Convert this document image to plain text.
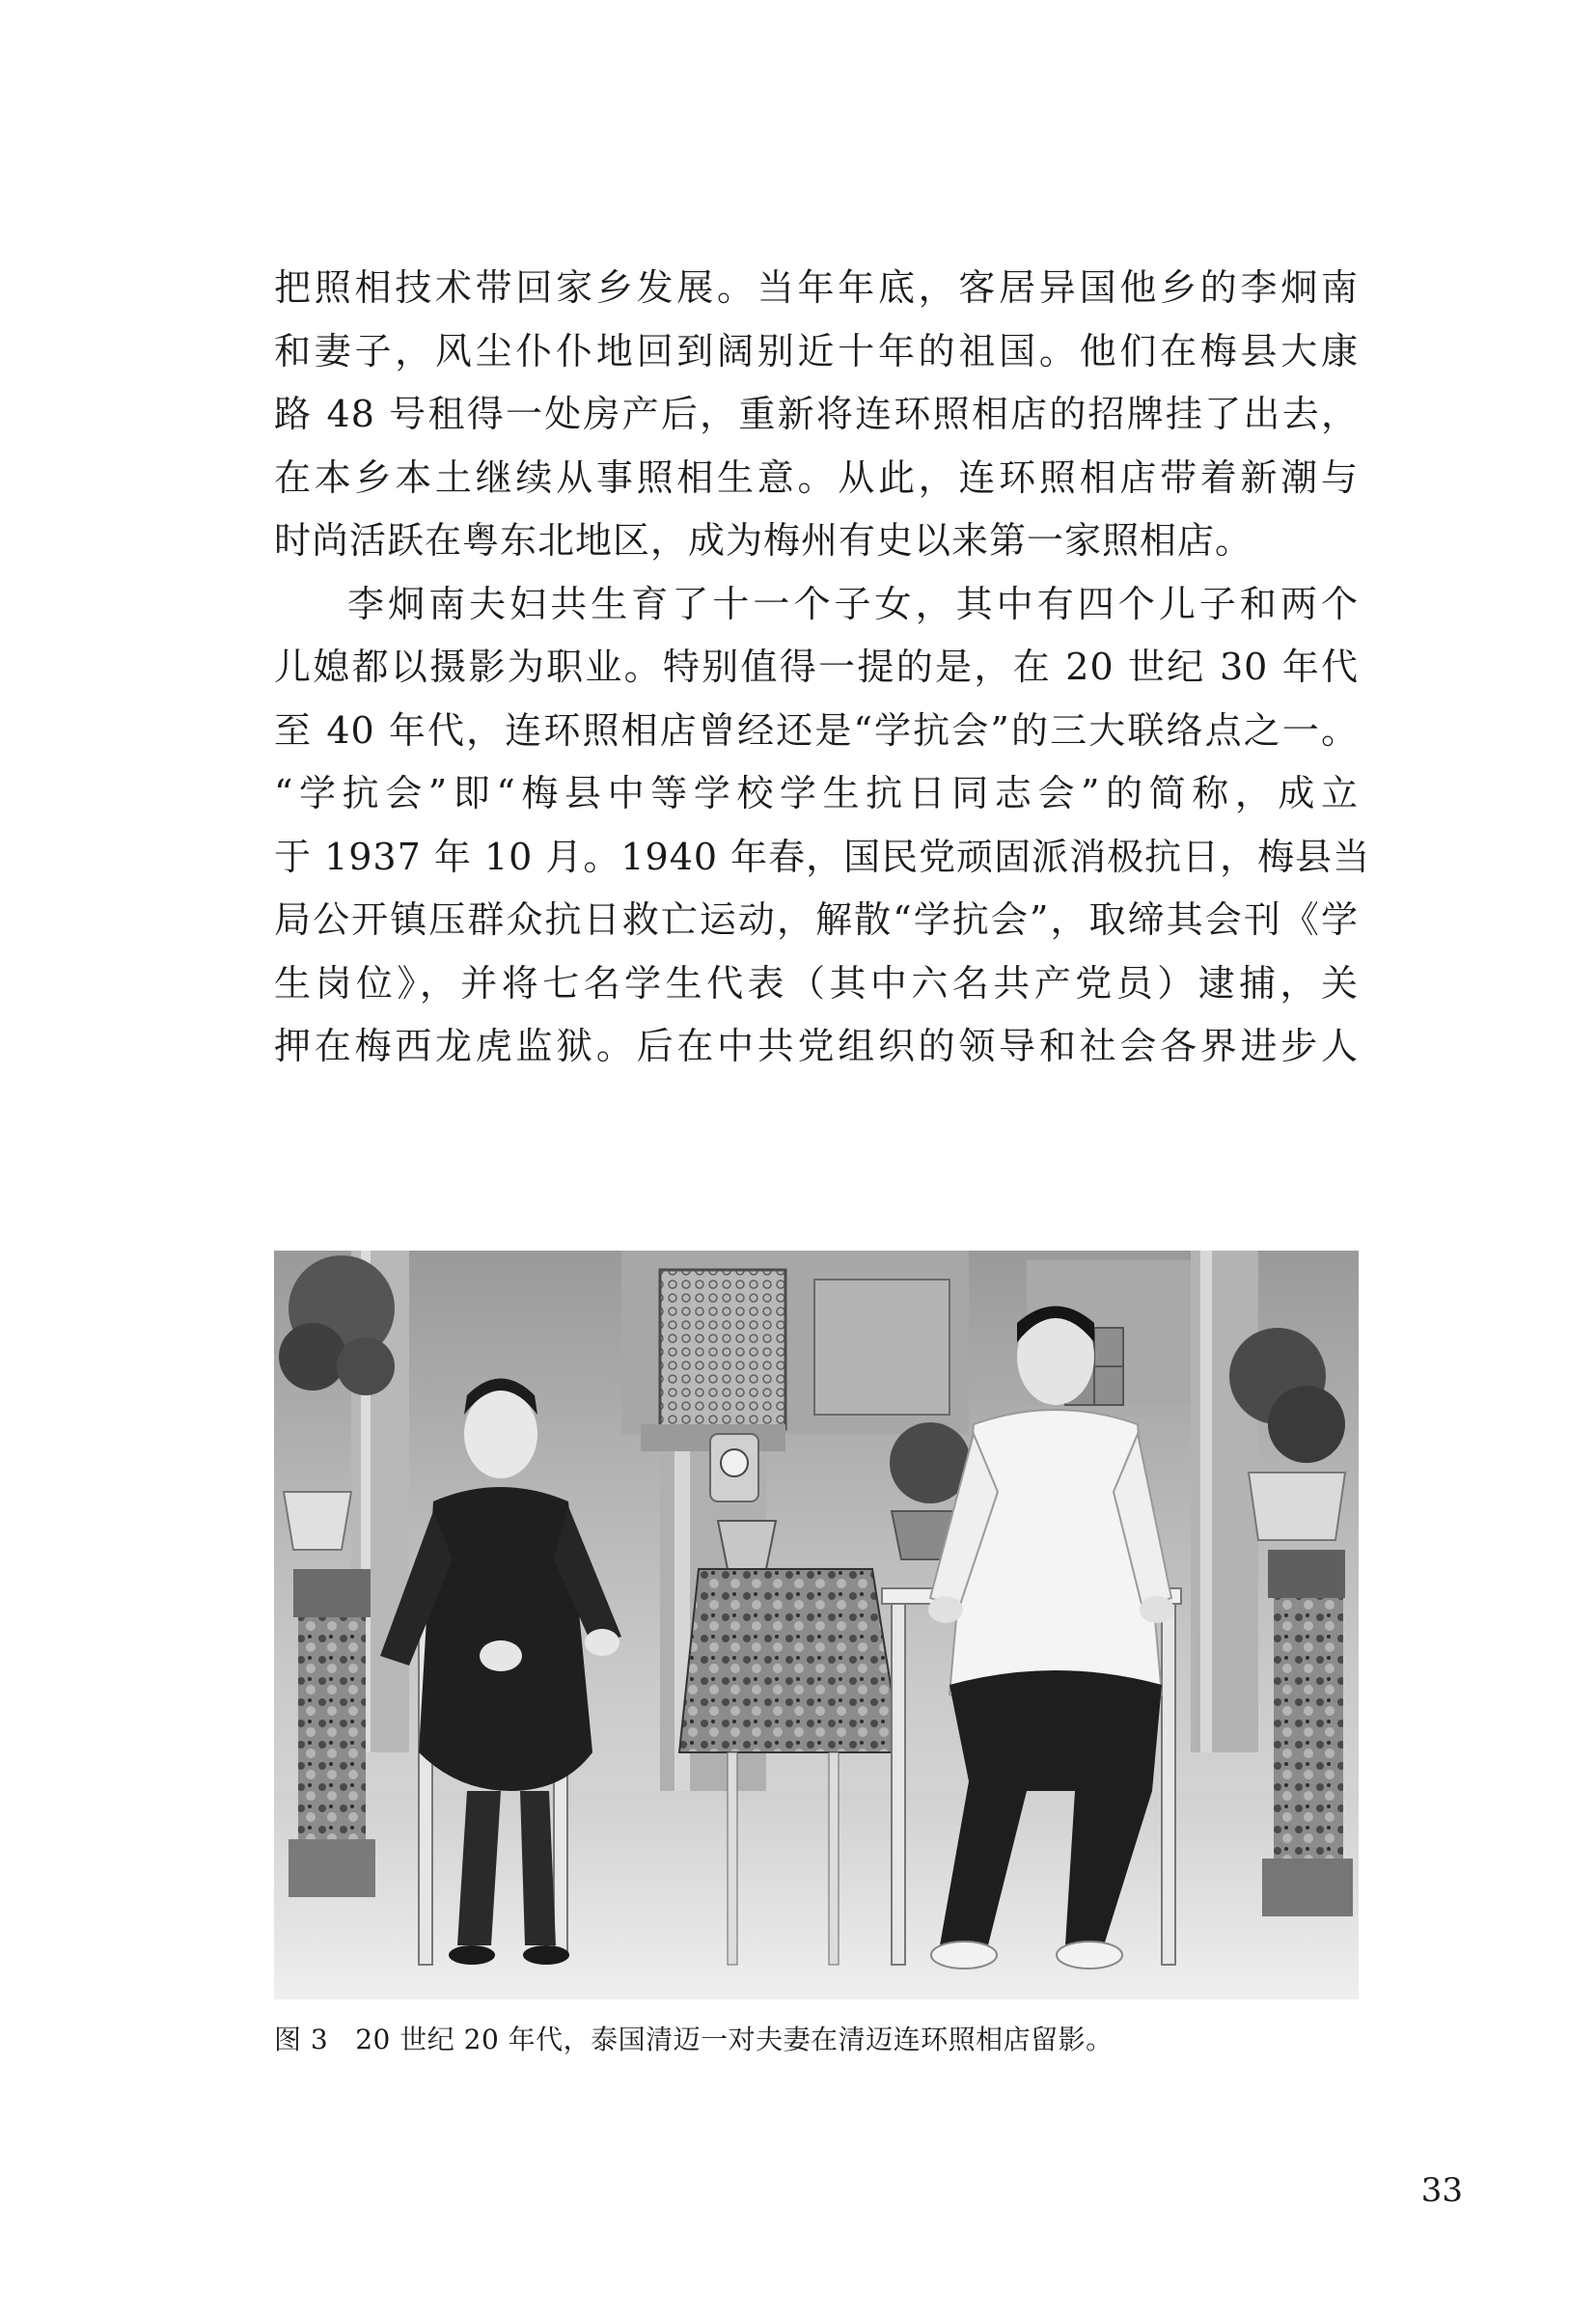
把照相技术带回家乡发展。当年年底，客居异国他乡的李炯南
和妻子，风尘仆仆地回到阔别近十年的祖国。他们在梅县大康
路 48 号租得一处房产后，重新将连环照相店的招牌挂了出去，
在本乡本土继续从事照相生意。从此，连环照相店带着新潮与
时尚活跃在粤东北地区，成为梅州有史以来第一家照相店。

李炯南夫妇共生育了十一个子女，其中有四个儿子和两个
儿媳都以摄影为职业。特别值得一提的是，在 20 世纪 30 年代
至 40 年代，连环照相店曾经还是“学抗会”的三大联络点之一。
“学抗会”即“梅县中等学校学生抗日同志会”的简称，成立
于 1937 年 10 月。1940 年春，国民党顽固派消极抗日，梅县当
局公开镇压群众抗日救亡运动，解散“学抗会”，取缔其会刊《学
生岗位》，并将七名学生代表（其中六名共产党员）逮捕，关
押在梅西龙虎监狱。后在中共党组织的领导和社会各界进步人

图 3 20 世纪 20 年代，泰国清迈一对夫妻在清迈连环照相店留影。
33
